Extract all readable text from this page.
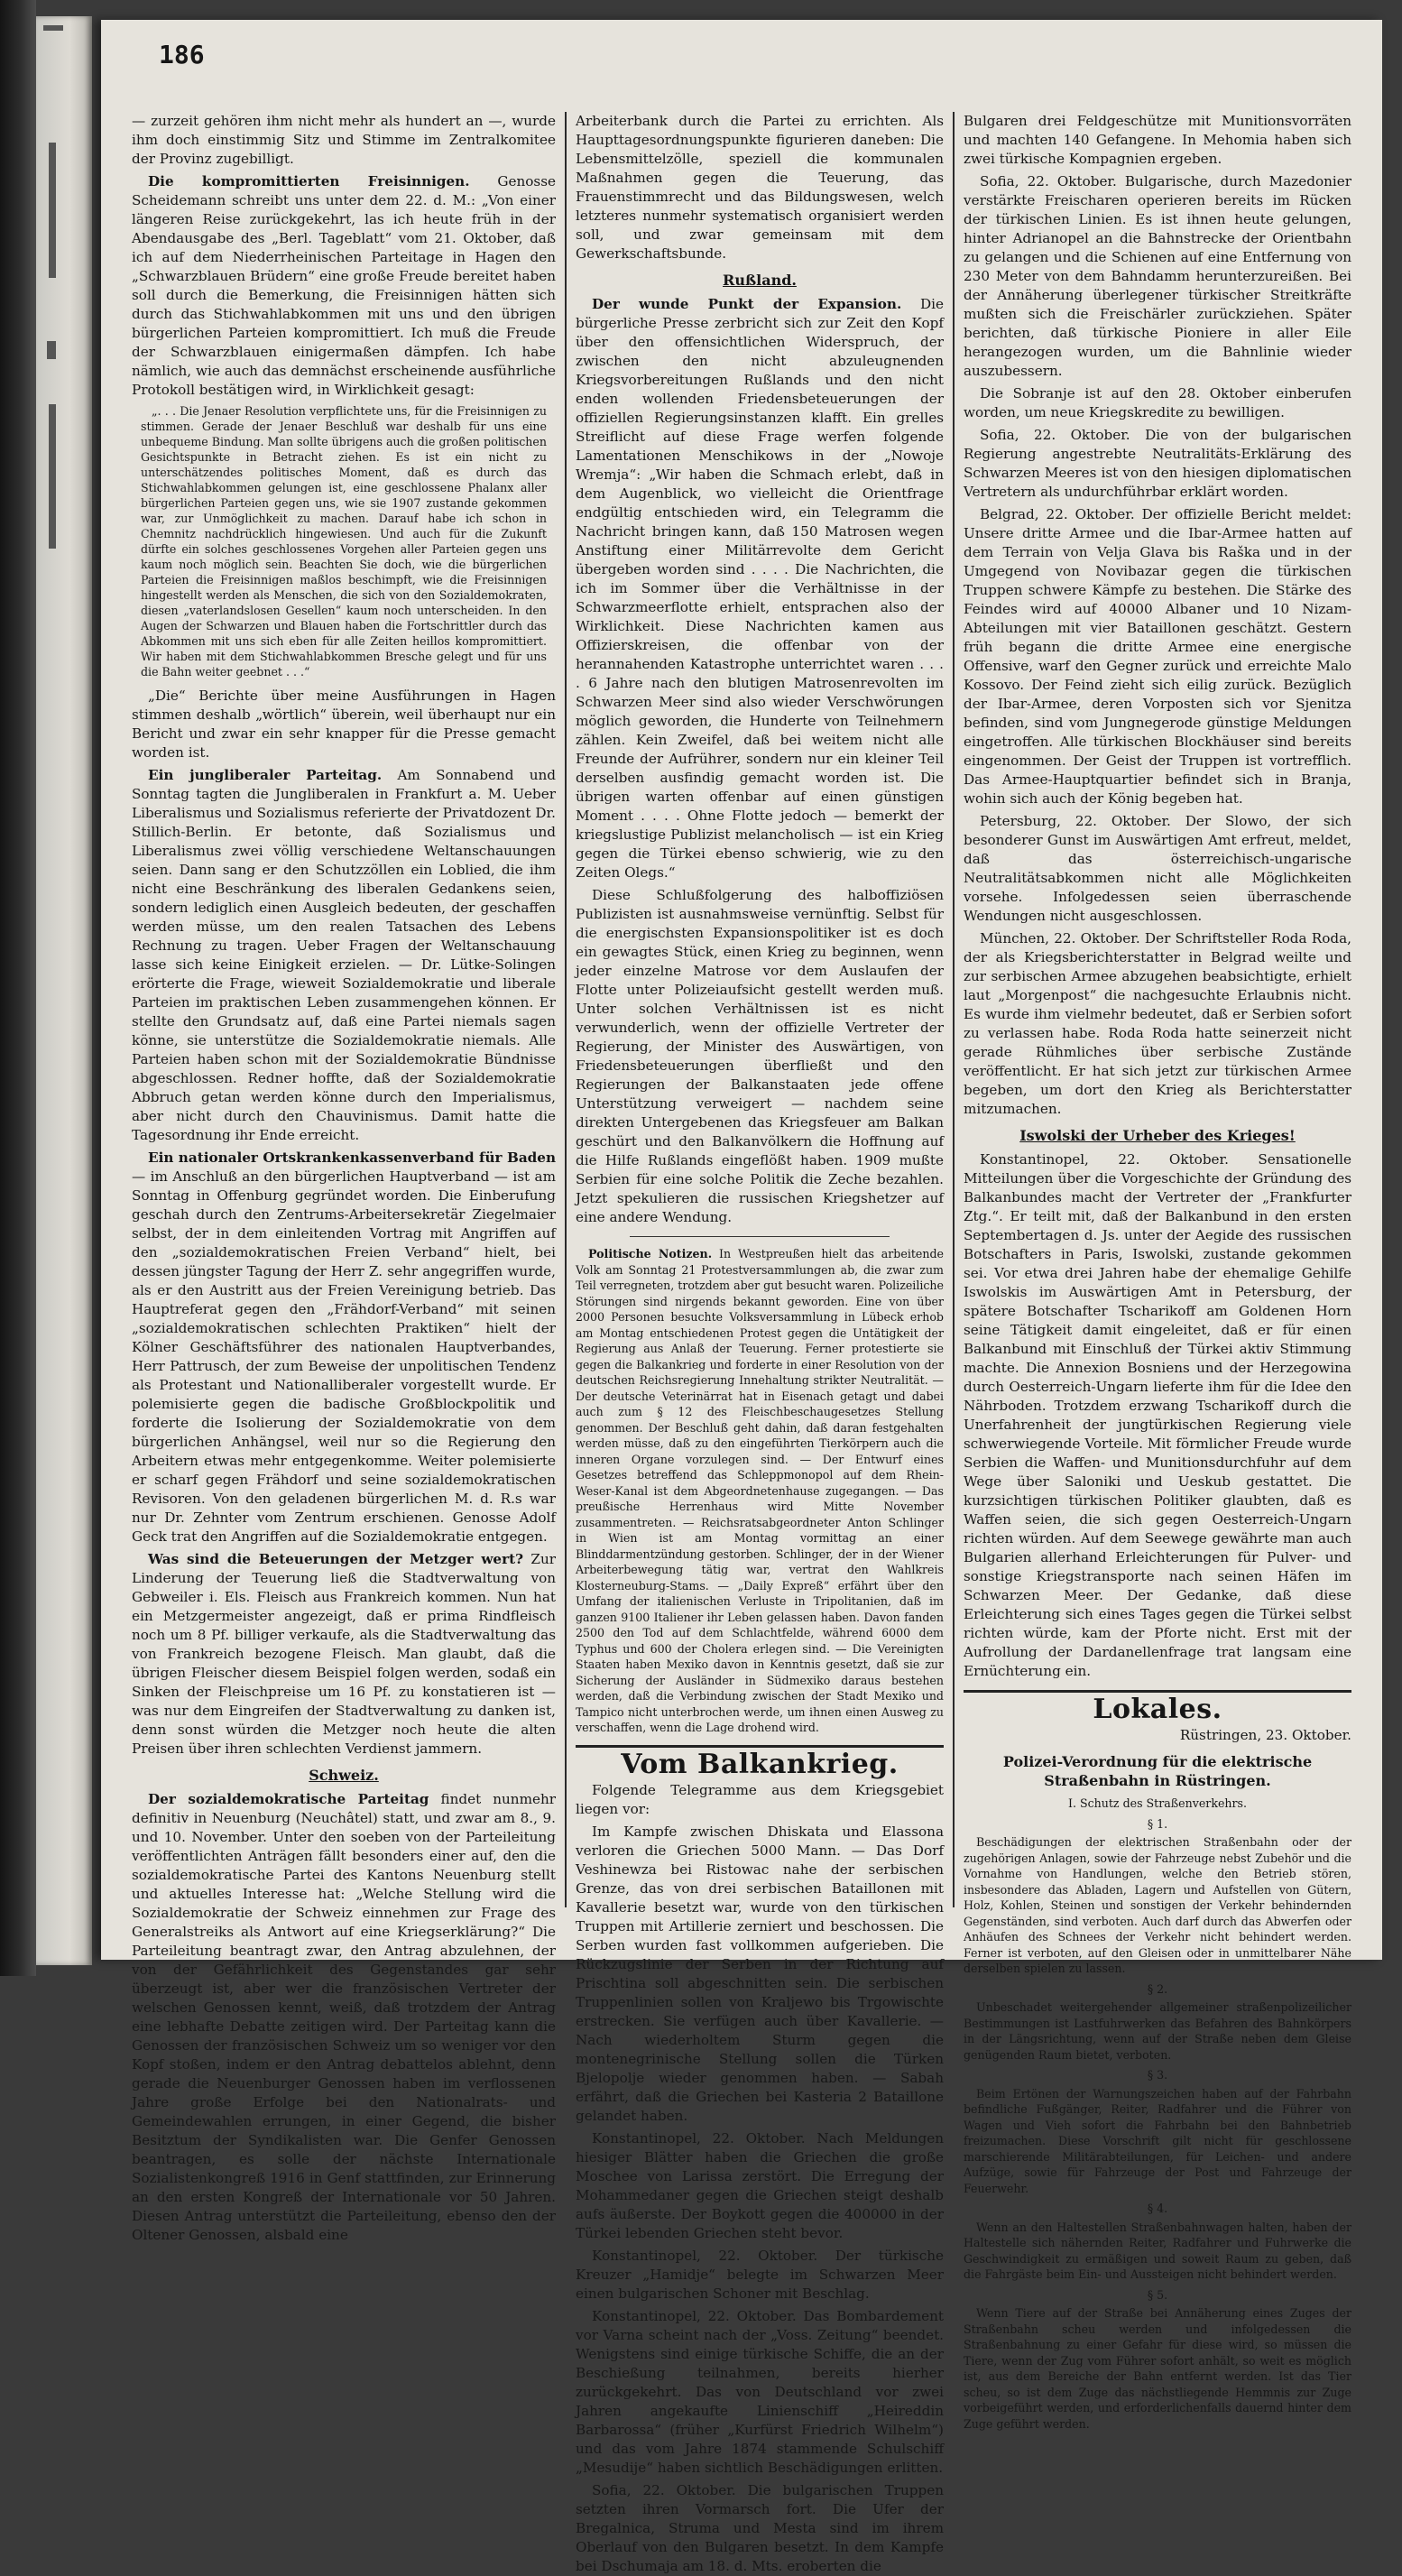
186

— zurzeit gehören ihm nicht mehr als hundert an —, wurde ihm doch einstimmig Sitz und Stimme im Zentralkomitee der Provinz zugebilligt.

Die kompromittierten Freisinnigen. Genosse Scheidemann schreibt uns unter dem 22. d. M.: „Von einer längeren Reise zurückgekehrt, las ich heute früh in der Abendausgabe des „Berl. Tageblatt“ vom 21. Oktober, daß ich auf dem Niederrheinischen Parteitage in Hagen den „Schwarzblauen Brüdern“ eine große Freude bereitet haben soll durch die Bemerkung, die Freisinnigen hätten sich durch das Stichwahlabkommen mit uns und den übrigen bürgerlichen Parteien kompromittiert. Ich muß die Freude der Schwarzblauen einigermaßen dämpfen. Ich habe nämlich, wie auch das demnächst erscheinende ausführliche Protokoll bestätigen wird, in Wirklichkeit gesagt:

„. . . Die Jenaer Resolution verpflichtete uns, für die Freisinnigen zu stimmen. Gerade der Jenaer Beschluß war deshalb für uns eine unbequeme Bindung. Man sollte übrigens auch die großen politischen Gesichtspunkte in Betracht ziehen. Es ist ein nicht zu unterschätzendes politisches Moment, daß es durch das Stichwahlabkommen gelungen ist, eine geschlossene Phalanx aller bürgerlichen Parteien gegen uns, wie sie 1907 zustande gekommen war, zur Unmöglichkeit zu machen. Darauf habe ich schon in Chemnitz nachdrücklich hingewiesen. Und auch für die Zukunft dürfte ein solches geschlossenes Vorgehen aller Parteien gegen uns kaum noch möglich sein. Beachten Sie doch, wie die bürgerlichen Parteien die Freisinnigen maßlos beschimpft, wie die Freisinnigen hingestellt werden als Menschen, die sich von den Sozialdemokraten, diesen „vaterlandslosen Gesellen“ kaum noch unterscheiden. In den Augen der Schwarzen und Blauen haben die Fortschrittler durch das Abkommen mit uns sich eben für alle Zeiten heillos kompromittiert. Wir haben mit dem Stichwahlabkommen Bresche gelegt und für uns die Bahn weiter geebnet . . .“

„Die“ Berichte über meine Ausführungen in Hagen stimmen deshalb „wörtlich“ überein, weil überhaupt nur ein Bericht und zwar ein sehr knapper für die Presse gemacht worden ist.

Ein jungliberaler Parteitag. Am Sonnabend und Sonntag tagten die Jungliberalen in Frankfurt a. M. Ueber Liberalismus und Sozialismus referierte der Privatdozent Dr. Stillich-Berlin. Er betonte, daß Sozialismus und Liberalismus zwei völlig verschiedene Weltanschauungen seien. Dann sang er den Schutzzöllen ein Loblied, die ihm nicht eine Beschränkung des liberalen Gedankens seien, sondern lediglich einen Ausgleich bedeuten, der geschaffen werden müsse, um den realen Tatsachen des Lebens Rechnung zu tragen. Ueber Fragen der Weltanschauung lasse sich keine Einigkeit erzielen. — Dr. Lütke-Solingen erörterte die Frage, wieweit Sozialdemokratie und liberale Parteien im praktischen Leben zusammengehen können. Er stellte den Grundsatz auf, daß eine Partei niemals sagen könne, sie unterstütze die Sozialdemokratie niemals. Alle Parteien haben schon mit der Sozialdemokratie Bündnisse abgeschlossen. Redner hoffte, daß der Sozialdemokratie Abbruch getan werden könne durch den Imperialismus, aber nicht durch den Chauvinismus. Damit hatte die Tagesordnung ihr Ende erreicht.

Ein nationaler Ortskrankenkassenverband für Baden — im Anschluß an den bürgerlichen Hauptverband — ist am Sonntag in Offenburg gegründet worden. Die Einberufung geschah durch den Zentrums-Arbeitersekretär Ziegelmaier selbst, der in dem einleitenden Vortrag mit Angriffen auf den „sozialdemokratischen Freien Verband“ hielt, bei dessen jüngster Tagung der Herr Z. sehr angegriffen wurde, als er den Austritt aus der Freien Vereinigung betrieb. Das Hauptreferat gegen den „Frähdorf-Verband“ mit seinen „sozialdemokratischen schlechten Praktiken“ hielt der Kölner Geschäftsführer des nationalen Hauptverbandes, Herr Pattrusch, der zum Beweise der unpolitischen Tendenz als Protestant und Nationalliberaler vorgestellt wurde. Er polemisierte gegen die badische Großblockpolitik und forderte die Isolierung der Sozialdemokratie von dem bürgerlichen Anhängsel, weil nur so die Regierung den Arbeitern etwas mehr entgegenkomme. Weiter polemisierte er scharf gegen Frähdorf und seine sozialdemokratischen Revisoren. Von den geladenen bürgerlichen M. d. R.s war nur Dr. Zehnter vom Zentrum erschienen. Genosse Adolf Geck trat den Angriffen auf die Sozialdemokratie entgegen.

Was sind die Beteuerungen der Metzger wert? Zur Linderung der Teuerung ließ die Stadtverwaltung von Gebweiler i. Els. Fleisch aus Frankreich kommen. Nun hat ein Metzgermeister angezeigt, daß er prima Rindfleisch noch um 8 Pf. billiger verkaufe, als die Stadtverwaltung das von Frankreich bezogene Fleisch. Man glaubt, daß die übrigen Fleischer diesem Beispiel folgen werden, sodaß ein Sinken der Fleischpreise um 16 Pf. zu konstatieren ist — was nur dem Eingreifen der Stadtverwaltung zu danken ist, denn sonst würden die Metzger noch heute die alten Preisen über ihren schlechten Verdienst jammern.

Schweiz.

Der sozialdemokratische Parteitag findet nunmehr definitiv in Neuenburg (Neuchâtel) statt, und zwar am 8., 9. und 10. November. Unter den soeben von der Parteileitung veröffentlichten Anträgen fällt besonders einer auf, den die sozialdemokratische Partei des Kantons Neuenburg stellt und aktuelles Interesse hat: „Welche Stellung wird die Sozialdemokratie der Schweiz einnehmen zur Frage des Generalstreiks als Antwort auf eine Kriegserklärung?“ Die Parteileitung beantragt zwar, den Antrag abzulehnen, der von der Gefährlichkeit des Gegenstandes gar sehr überzeugt ist, aber wer die französischen Vertreter der welschen Genossen kennt, weiß, daß trotzdem der Antrag eine lebhafte Debatte zeitigen wird. Der Parteitag kann die Genossen der französischen Schweiz um so weniger vor den Kopf stoßen, indem er den Antrag debattelos ablehnt, denn gerade die Neuenburger Genossen haben im verflossenen Jahre große Erfolge bei den Nationalrats- und Gemeindewahlen errungen, in einer Gegend, die bisher Besitztum der Syndikalisten war. Die Genfer Genossen beantragen, es solle der nächste Internationale Sozialistenkongreß 1916 in Genf stattfinden, zur Erinnerung an den ersten Kongreß der Internationale vor 50 Jahren. Diesen Antrag unterstützt die Parteileitung, ebenso den der Oltener Genossen, alsbald eine

Arbeiterbank durch die Partei zu errichten. Als Haupttagesordnungspunkte figurieren daneben: Die Lebensmittelzölle, speziell die kommunalen Maßnahmen gegen die Teuerung, das Frauenstimmrecht und das Bildungswesen, welch letzteres nunmehr systematisch organisiert werden soll, und zwar gemeinsam mit dem Gewerkschaftsbunde.

Rußland.

Der wunde Punkt der Expansion. Die bürgerliche Presse zerbricht sich zur Zeit den Kopf über den offensichtlichen Widerspruch, der zwischen den nicht abzuleugnenden Kriegsvorbereitungen Rußlands und den nicht enden wollenden Friedensbeteuerungen der offiziellen Regierungsinstanzen klafft. Ein grelles Streiflicht auf diese Frage werfen folgende Lamentationen Menschikows in der „Nowoje Wremja“: „Wir haben die Schmach erlebt, daß in dem Augenblick, wo vielleicht die Orientfrage endgültig entschieden wird, ein Telegramm die Nachricht bringen kann, daß 150 Matrosen wegen Anstiftung einer Militärrevolte dem Gericht übergeben worden sind . . . . Die Nachrichten, die ich im Sommer über die Verhältnisse in der Schwarzmeerflotte erhielt, entsprachen also der Wirklichkeit. Diese Nachrichten kamen aus Offizierskreisen, die offenbar von der herannahenden Katastrophe unterrichtet waren . . . . 6 Jahre nach den blutigen Matrosenrevolten im Schwarzen Meer sind also wieder Verschwörungen möglich geworden, die Hunderte von Teilnehmern zählen. Kein Zweifel, daß bei weitem nicht alle Freunde der Aufrührer, sondern nur ein kleiner Teil derselben ausfindig gemacht worden ist. Die übrigen warten offenbar auf einen günstigen Moment . . . . Ohne Flotte jedoch — bemerkt der kriegslustige Publizist melancholisch — ist ein Krieg gegen die Türkei ebenso schwierig, wie zu den Zeiten Olegs.“

Diese Schlußfolgerung des halboffiziösen Publizisten ist ausnahmsweise vernünftig. Selbst für die energischsten Expansionspolitiker ist es doch ein gewagtes Stück, einen Krieg zu beginnen, wenn jeder einzelne Matrose vor dem Auslaufen der Flotte unter Polizeiaufsicht gestellt werden muß. Unter solchen Verhältnissen ist es nicht verwunderlich, wenn der offizielle Vertreter der Regierung, der Minister des Auswärtigen, von Friedensbeteuerungen überfließt und den Regierungen der Balkanstaaten jede offene Unterstützung verweigert — nachdem seine direkten Untergebenen das Kriegsfeuer am Balkan geschürt und den Balkanvölkern die Hoffnung auf die Hilfe Rußlands eingeflößt haben. 1909 mußte Serbien für eine solche Politik die Zeche bezahlen. Jetzt spekulieren die russischen Kriegshetzer auf eine andere Wendung.

Politische Notizen. In Westpreußen hielt das arbeitende Volk am Sonntag 21 Protestversammlungen ab, die zwar zum Teil verregneten, trotzdem aber gut besucht waren. Polizeiliche Störungen sind nirgends bekannt geworden. Eine von über 2000 Personen besuchte Volksversammlung in Lübeck erhob am Montag entschiedenen Protest gegen die Untätigkeit der Regierung aus Anlaß der Teuerung. Ferner protestierte sie gegen die Balkankrieg und forderte in einer Resolution von der deutschen Reichsregierung Innehaltung strikter Neutralität. — Der deutsche Veterinärrat hat in Eisenach getagt und dabei auch zum § 12 des Fleischbeschaugesetzes Stellung genommen. Der Beschluß geht dahin, daß daran festgehalten werden müsse, daß zu den eingeführten Tierkörpern auch die inneren Organe vorzulegen sind. — Der Entwurf eines Gesetzes betreffend das Schleppmonopol auf dem Rhein-Weser-Kanal ist dem Abgeordnetenhause zugegangen. — Das preußische Herrenhaus wird Mitte November zusammentreten. — Reichsratsabgeordneter Anton Schlinger in Wien ist am Montag vormittag an einer Blinddarmentzündung gestorben. Schlinger, der in der Wiener Arbeiterbewegung tätig war, vertrat den Wahlkreis Klosterneuburg-Stams. — „Daily Expreß“ erfährt über den Umfang der italienischen Verluste in Tripolitanien, daß im ganzen 9100 Italiener ihr Leben gelassen haben. Davon fanden 2500 den Tod auf dem Schlachtfelde, während 6000 dem Typhus und 600 der Cholera erlegen sind. — Die Vereinigten Staaten haben Mexiko davon in Kenntnis gesetzt, daß sie zur Sicherung der Ausländer in Südmexiko daraus bestehen werden, daß die Verbindung zwischen der Stadt Mexiko und Tampico nicht unterbrochen werde, um ihnen einen Ausweg zu verschaffen, wenn die Lage drohend wird.

Vom Balkankrieg.

Folgende Telegramme aus dem Kriegsgebiet liegen vor:

Im Kampfe zwischen Dhiskata und Elassona verloren die Griechen 5000 Mann. — Das Dorf Veshinewza bei Ristowac nahe der serbischen Grenze, das von drei serbischen Bataillonen mit Kavallerie besetzt war, wurde von den türkischen Truppen mit Artillerie zerniert und beschossen. Die Serben wurden fast vollkommen aufgerieben. Die Rückzugslinie der Serben in der Richtung auf Prischtina soll abgeschnitten sein. Die serbischen Truppenlinien sollen von Kraljewo bis Trgowischte erstrecken. Sie verfügen auch über Kavallerie. — Nach wiederholtem Sturm gegen die montenegrinische Stellung sollen die Türken Bjelopolje wieder genommen haben. — Sabah erfährt, daß die Griechen bei Kasteria 2 Bataillone gelandet haben.

Konstantinopel, 22. Oktober. Nach Meldungen hiesiger Blätter haben die Griechen die große Moschee von Larissa zerstört. Die Erregung der Mohammedaner gegen die Griechen steigt deshalb aufs äußerste. Der Boykott gegen die 400000 in der Türkei lebenden Griechen steht bevor.

Konstantinopel, 22. Oktober. Der türkische Kreuzer „Hamidje“ belegte im Schwarzen Meer einen bulgarischen Schoner mit Beschlag.

Konstantinopel, 22. Oktober. Das Bombardement vor Varna scheint nach der „Voss. Zeitung“ beendet. Wenigstens sind einige türkische Schiffe, die an der Beschießung teilnahmen, bereits hierher zurückgekehrt. Das von Deutschland vor zwei Jahren angekaufte Linienschiff „Heireddin Barbarossa“ (früher „Kurfürst Friedrich Wilhelm“) und das vom Jahre 1874 stammende Schulschiff „Mesudije“ haben sichtlich Beschädigungen erlitten.

Sofia, 22. Oktober. Die bulgarischen Truppen setzten ihren Vormarsch fort. Die Ufer der Bregalnica, Struma und Mesta sind im ihrem Oberlauf von den Bulgaren besetzt. In dem Kampfe bei Dschumaja am 18. d. Mts. eroberten die

Bulgaren drei Feldgeschütze mit Munitionsvorräten und machten 140 Gefangene. In Mehomia haben sich zwei türkische Kompagnien ergeben.

Sofia, 22. Oktober. Bulgarische, durch Mazedonier verstärkte Freischaren operieren bereits im Rücken der türkischen Linien. Es ist ihnen heute gelungen, hinter Adrianopel an die Bahnstrecke der Orientbahn zu gelangen und die Schienen auf eine Entfernung von 230 Meter von dem Bahndamm herunterzureißen. Bei der Annäherung überlegener türkischer Streitkräfte mußten sich die Freischärler zurückziehen. Später berichten, daß türkische Pioniere in aller Eile herangezogen wurden, um die Bahnlinie wieder auszubessern.

Die Sobranje ist auf den 28. Oktober einberufen worden, um neue Kriegskredite zu bewilligen.

Sofia, 22. Oktober. Die von der bulgarischen Regierung angestrebte Neutralitäts-Erklärung des Schwarzen Meeres ist von den hiesigen diplomatischen Vertretern als undurchführbar erklärt worden.

Belgrad, 22. Oktober. Der offizielle Bericht meldet: Unsere dritte Armee und die Ibar-Armee hatten auf dem Terrain von Velja Glava bis Raška und in der Umgegend von Novibazar gegen die türkischen Truppen schwere Kämpfe zu bestehen. Die Stärke des Feindes wird auf 40000 Albaner und 10 Nizam-Abteilungen mit vier Bataillonen geschätzt. Gestern früh begann die dritte Armee eine energische Offensive, warf den Gegner zurück und erreichte Malo Kossovo. Der Feind zieht sich eilig zurück. Bezüglich der Ibar-Armee, deren Vorposten sich vor Sjenitza befinden, sind vom Jungnegerode günstige Meldungen eingetroffen. Alle türkischen Blockhäuser sind bereits eingenommen. Der Geist der Truppen ist vortrefflich. Das Armee-Hauptquartier befindet sich in Branja, wohin sich auch der König begeben hat.

Petersburg, 22. Oktober. Der Slowo, der sich besonderer Gunst im Auswärtigen Amt erfreut, meldet, daß das österreichisch-ungarische Neutralitätsabkommen nicht alle Möglichkeiten vorsehe. Infolgedessen seien überraschende Wendungen nicht ausgeschlossen.

München, 22. Oktober. Der Schriftsteller Roda Roda, der als Kriegsberichterstatter in Belgrad weilte und zur serbischen Armee abzugehen beabsichtigte, erhielt laut „Morgenpost“ die nachgesuchte Erlaubnis nicht. Es wurde ihm vielmehr bedeutet, daß er Serbien sofort zu verlassen habe. Roda Roda hatte seinerzeit nicht gerade Rühmliches über serbische Zustände veröffentlicht. Er hat sich jetzt zur türkischen Armee begeben, um dort den Krieg als Berichterstatter mitzumachen.

Iswolski der Urheber des Krieges!

Konstantinopel, 22. Oktober. Sensationelle Mitteilungen über die Vorgeschichte der Gründung des Balkanbundes macht der Vertreter der „Frankfurter Ztg.“. Er teilt mit, daß der Balkanbund in den ersten Septembertagen d. Js. unter der Aegide des russischen Botschafters in Paris, Iswolski, zustande gekommen sei. Vor etwa drei Jahren habe der ehemalige Gehilfe Iswolskis im Auswärtigen Amt in Petersburg, der spätere Botschafter Tscharikoff am Goldenen Horn seine Tätigkeit damit eingeleitet, daß er für einen Balkanbund mit Einschluß der Türkei aktiv Stimmung machte. Die Annexion Bosniens und der Herzegowina durch Oesterreich-Ungarn lieferte ihm für die Idee den Nährboden. Trotzdem erzwang Tscharikoff durch die Unerfahrenheit der jungtürkischen Regierung viele schwerwiegende Vorteile. Mit förmlicher Freude wurde Serbien die Waffen- und Munitionsdurchfuhr auf dem Wege über Saloniki und Ueskub gestattet. Die kurzsichtigen türkischen Politiker glaubten, daß es Waffen seien, die sich gegen Oesterreich-Ungarn richten würden. Auf dem Seewege gewährte man auch Bulgarien allerhand Erleichterungen für Pulver- und sonstige Kriegstransporte nach seinen Häfen im Schwarzen Meer. Der Gedanke, daß diese Erleichterung sich eines Tages gegen die Türkei selbst richten würde, kam der Pforte nicht. Erst mit der Aufrollung der Dardanellenfrage trat langsam eine Ernüchterung ein.

Lokales.

Rüstringen, 23. Oktober.

Polizei-Verordnung für die elektrische Straßenbahn in Rüstringen.
I. Schutz des Straßenverkehrs.
§ 1.

Beschädigungen der elektrischen Straßenbahn oder der zugehörigen Anlagen, sowie der Fahrzeuge nebst Zubehör und die Vornahme von Handlungen, welche den Betrieb stören, insbesondere das Abladen, Lagern und Aufstellen von Gütern, Holz, Kohlen, Steinen und sonstigen der Verkehr behindernden Gegenständen, sind verboten. Auch darf durch das Abwerfen oder Anhäufen des Schnees der Verkehr nicht behindert werden. Ferner ist verboten, auf den Gleisen oder in unmittelbarer Nähe derselben spielen zu lassen.

§ 2.

Unbeschadet weitergehender allgemeiner straßenpolizeilicher Bestimmungen ist Lastfuhrwerken das Befahren des Bahnkörpers in der Längsrichtung, wenn auf der Straße neben dem Gleise genügenden Raum bietet, verboten.

§ 3.

Beim Ertönen der Warnungszeichen haben auf der Fahrbahn befindliche Fußgänger, Reiter, Radfahrer und die Führer von Wagen und Vieh sofort die Fahrbahn bei den Bahnbetrieb freizumachen. Diese Vorschrift gilt nicht für geschlossene marschierende Militärabteilungen, für Leichen- und andere Aufzüge, sowie für Fahrzeuge der Post und Fahrzeuge der Feuerwehr.

§ 4.

Wenn an den Haltestellen Straßenbahnwagen halten, haben der Haltestelle sich nähernden Reiter, Radfahrer und Fuhrwerke die Geschwindigkeit zu ermäßigen und soweit Raum zu geben, daß die Fahrgäste beim Ein- und Aussteigen nicht behindert werden.

§ 5.

Wenn Tiere auf der Straße bei Annäherung eines Zuges der Straßenbahn scheu werden und infolgedessen die Straßenbahnung zu einer Gefahr für diese wird, so müssen die Tiere, wenn der Zug vom Führer sofort anhält, so weit es möglich ist, aus dem Bereiche der Bahn entfernt werden. Ist das Tier scheu, so ist dem Zuge das nächstliegende Hemmnis zur Zuge vorbeigeführt werden, und erforderlichenfalls dauernd hinter dem Zuge geführt werden.
